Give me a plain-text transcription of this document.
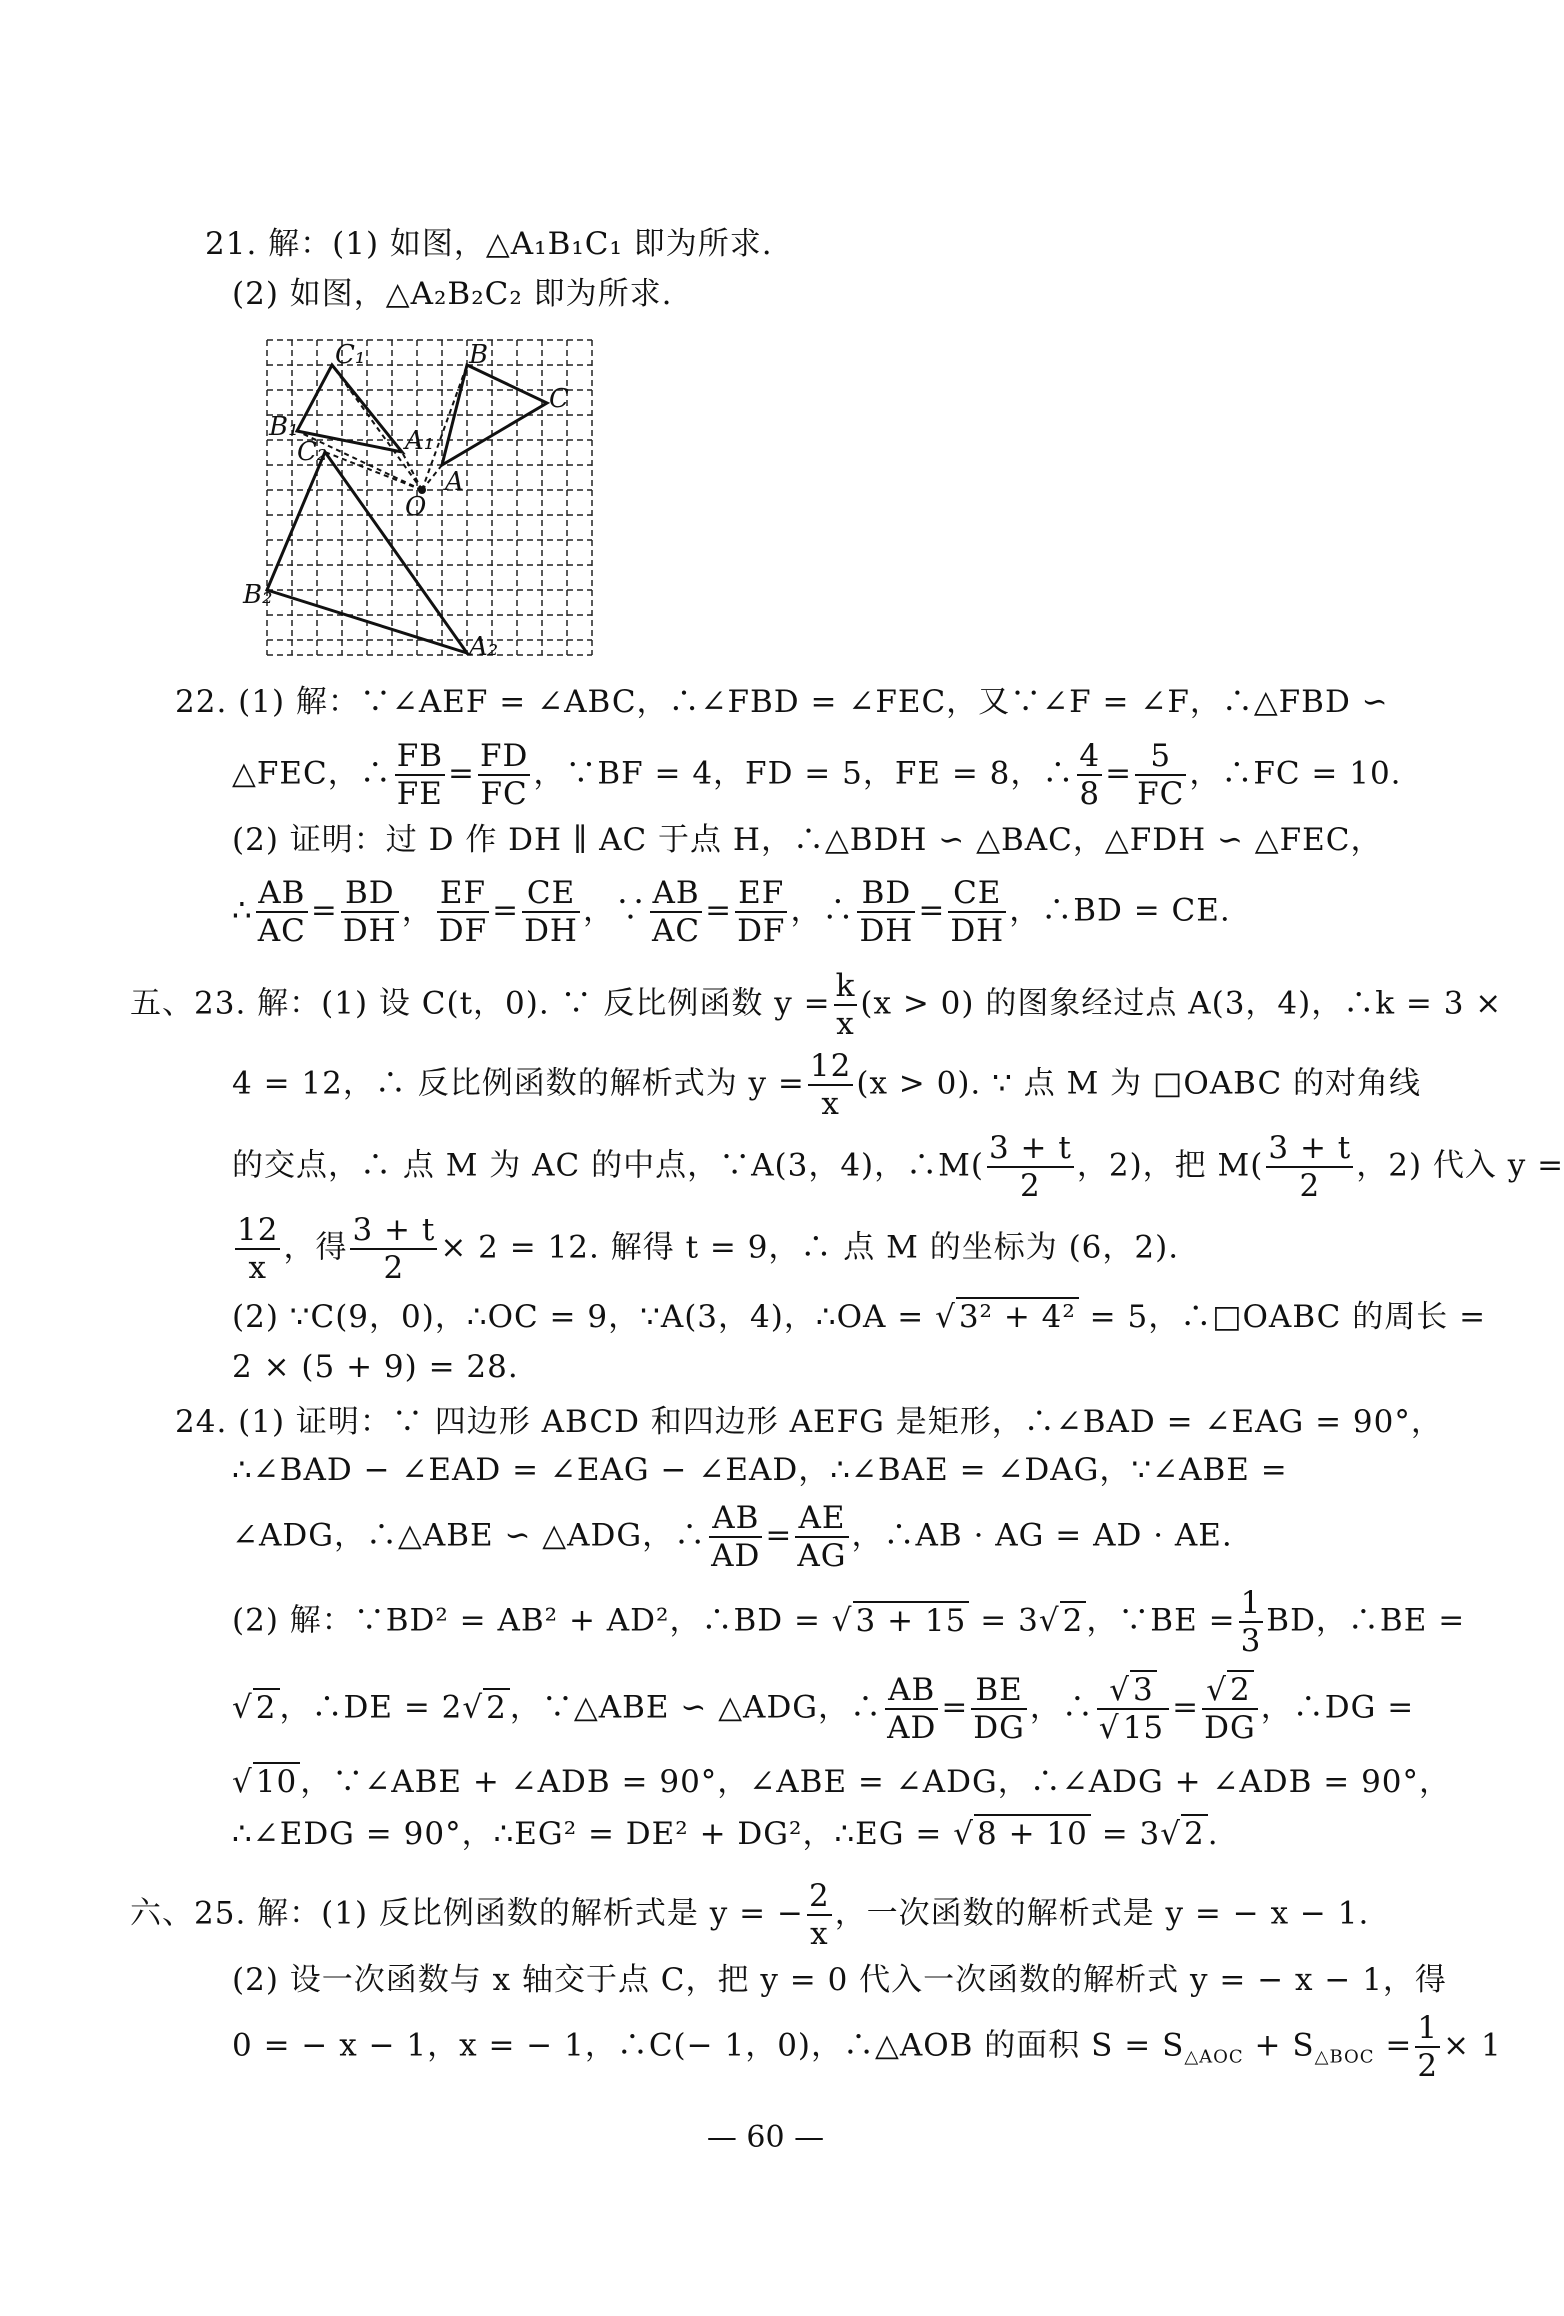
21. 解：(1) 如图，△A₁B₁C₁ 即为所求.
(2) 如图，△A₂B₂C₂ 即为所求.
C₁	B
C
B₁	A₁
C₂
O
A
B₂
A₂
22. (1) 解：∵∠AEF = ∠ABC，∴∠FBD = ∠FEC，又∵∠F = ∠F，∴△FBD ∽
△FEC，∴ $\frac{FB}{FE} = \frac{FD}{FC}$ ，∵BF = 4，FD = 5，FE = 8，∴ $\frac{4}{8} = \frac{5}{FC}$ ，∴FC = 10.
(2) 证明：过 D 作 DH ∥ AC 于点 H，∴△BDH ∽ △BAC，△FDH ∽ △FEC，
∴ $\frac{AB}{AC} = \frac{BD}{DH}$ ， $\frac{EF}{DF} = \frac{CE}{DH}$ ，∵ $\frac{AB}{AC} = \frac{EF}{DF}$ ，∴ $\frac{BD}{DH} = \frac{CE}{DH}$ ，∴BD = CE.
五、23. 解：(1) 设 C(t，0). ∵ 反比例函数 $y = \frac{k}{x} (x > 0)$ 的图象经过点 A(3，4)，∴k = 3 ×
4 = 12，∴ 反比例函数的解析式为 $y = \frac{12}{x} (x > 0)$. ∵ 点 M 为 □OABC 的对角线
的交点，∴ 点 M 为 AC 的中点，∵A(3，4)，∴M( $\frac{3 + t}{2}$ ，2)，把 $M( \frac{3 + t}{2}$ ，2) 代入 y =
$\frac{12}{x}$ ，得 $\frac{3 + t}{2} \times 2 = 12$. 解得 t = 9，∴ 点 M 的坐标为 (6，2).
(2) ∵C(9，0)，∴OC = 9，∵A(3，4)，∴OA = √3² + 4² = 5，∴□OABC 的周长 =
2 × (5 + 9) = 28.
24. (1) 证明：∵ 四边形 ABCD 和四边形 AEFG 是矩形，∴∠BAD = ∠EAG = 90°，
∴∠BAD − ∠EAD = ∠EAG − ∠EAD，∴∠BAE = ∠DAG，∵∠ABE =
∠ADG，∴△ABE ∽ △ADG，∴ $\frac{AB}{AD} = \frac{AE}{AG}$ ，∴AB · AG = AD · AE.
(2) 解：∵BD² = AB² + AD²，∴BD = √3 + 15 = 3√2，∵BE = $\frac{1}{3}$ BD，∴BE =
√2，∴DE = 2√2，∵△ABE ∽ △ADG，∴ $\frac{AB}{AD} = \frac{BE}{DG}$ ，∴ $\frac{√3}{√15} = \frac{√2}{DG}$ ，∴DG =
√10，∵∠ABE + ∠ADB = 90°，∠ABE = ∠ADG，∴∠ADG + ∠ADB = 90°，
∴∠EDG = 90°，∴EG² = DE² + DG²，∴EG = √8 + 10 = 3√2.
六、25. 解：(1) 反比例函数的解析式是 y = − $\frac{2}{x}$ ，一次函数的解析式是 y = − x − 1.
(2) 设一次函数与 x 轴交于点 C，把 y = 0 代入一次函数的解析式 y = − x − 1，得
0 = − x − 1，x = − 1，∴C(− 1，0)，∴△AOB 的面积 $S = S_{\triangle AOC} + S_{\triangle BOC} = \frac{1}{2} \times 1$
— 60 —
